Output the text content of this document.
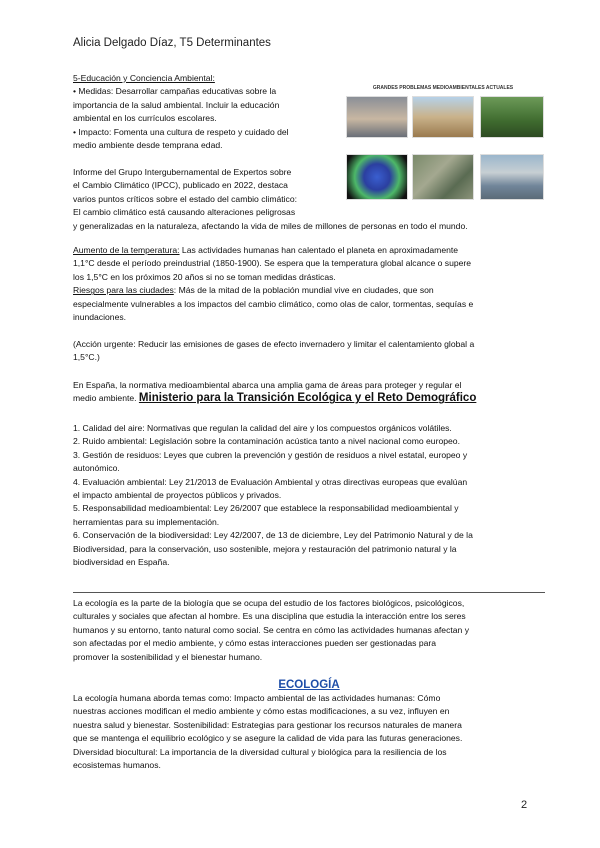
Alicia Delgado Díaz, T5 Determinantes
5-Educación y Conciencia Ambiental:
• Medidas: Desarrollar campañas educativas sobre la
importancia de la salud ambiental. Incluir la educación
ambiental en los currículos escolares.
• Impacto: Fomenta una cultura de respeto y cuidado del
medio ambiente desde temprana edad.
GRANDES PROBLEMAS MEDIOAMBIENTALES ACTUALES
Informe del Grupo Intergubernamental de Expertos sobre
el Cambio Climático (IPCC), publicado en 2022, destaca
varios puntos críticos sobre el estado del cambio climático:
El cambio climático está causando alteraciones peligrosas
y generalizadas en la naturaleza, afectando la vida de miles de millones de personas en todo el mundo.
Aumento de la temperatura: Las actividades humanas han calentado el planeta en aproximadamente
1,1°C desde el período preindustrial (1850-1900). Se espera que la temperatura global alcance o supere
los 1,5°C en los próximos 20 años si no se toman medidas drásticas.
Riesgos para las ciudades: Más de la mitad de la población mundial vive en ciudades, que son
especialmente vulnerables a los impactos del cambio climático, como olas de calor, tormentas, sequías e
inundaciones.
(Acción urgente: Reducir las emisiones de gases de efecto invernadero y limitar el calentamiento global a
1,5°C.)
En España, la normativa medioambiental abarca una amplia gama de áreas para proteger y regular el
medio ambiente. Ministerio para la Transición Ecológica y el Reto Demográfico
1. Calidad del aire: Normativas que regulan la calidad del aire y los compuestos orgánicos volátiles.
2. Ruido ambiental: Legislación sobre la contaminación acústica tanto a nivel nacional como europeo.
3. Gestión de residuos: Leyes que cubren la prevención y gestión de residuos a nivel estatal, europeo y
autonómico.
4. Evaluación ambiental: Ley 21/2013 de Evaluación Ambiental y otras directivas europeas que evalúan
el impacto ambiental de proyectos públicos y privados.
5. Responsabilidad medioambiental: Ley 26/2007 que establece la responsabilidad medioambiental y
herramientas para su implementación.
6. Conservación de la biodiversidad: Ley 42/2007, de 13 de diciembre, Ley del Patrimonio Natural y de la
Biodiversidad, para la conservación, uso sostenible, mejora y restauración del patrimonio natural y la
biodiversidad en España.
La ecología es la parte de la biología que se ocupa del estudio de los factores biológicos, psicológicos,
culturales y sociales que afectan al hombre. Es una disciplina que estudia la interacción entre los seres
humanos y su entorno, tanto natural como social. Se centra en cómo las actividades humanas afectan y
son afectadas por el medio ambiente, y cómo estas interacciones pueden ser gestionadas para
promover la sostenibilidad y el bienestar humano.
ECOLOGÍA
La ecología humana aborda temas como: Impacto ambiental de las actividades humanas: Cómo
nuestras acciones modifican el medio ambiente y cómo estas modificaciones, a su vez, influyen en
nuestra salud y bienestar. Sostenibilidad: Estrategias para gestionar los recursos naturales de manera
que se mantenga el equilibrio ecológico y se asegure la calidad de vida para las futuras generaciones.
Diversidad biocultural: La importancia de la diversidad cultural y biológica para la resiliencia de los
ecosistemas humanos.
2
